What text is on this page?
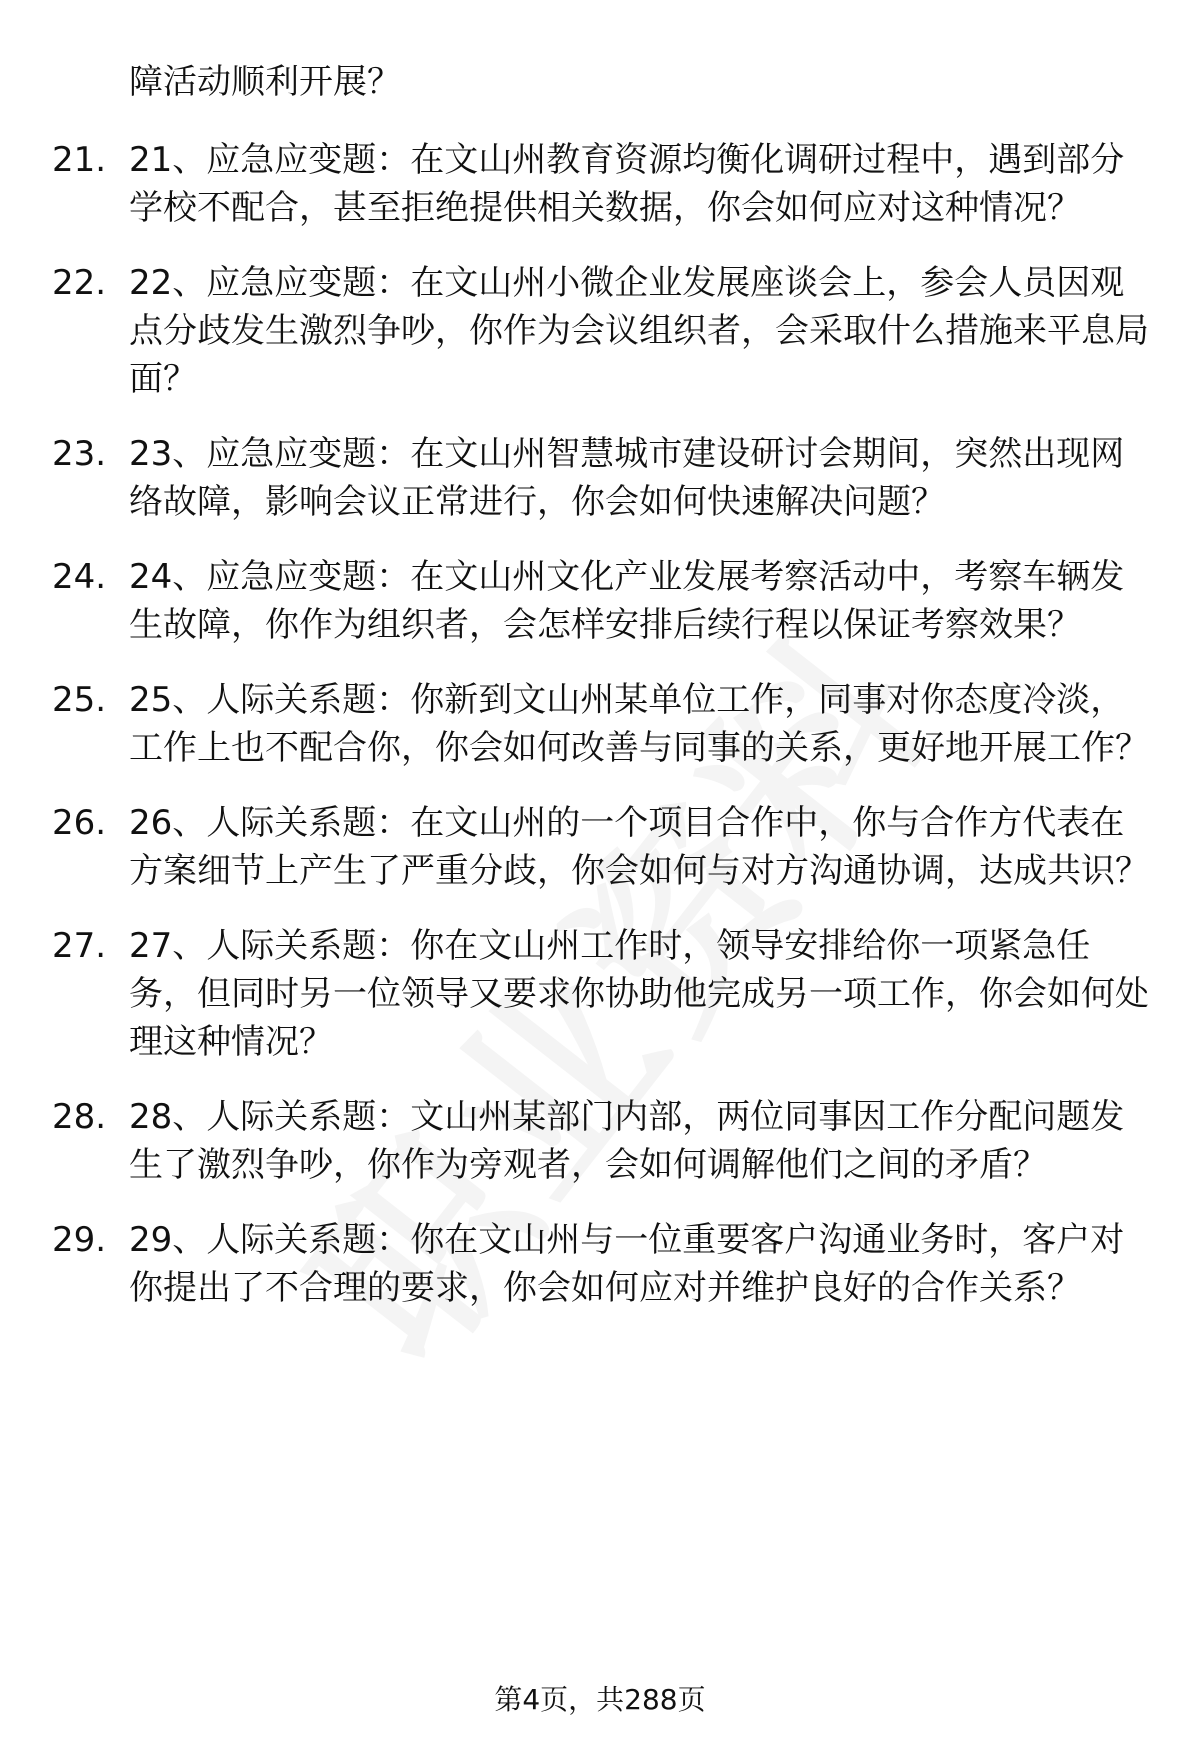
障活动顺利开展？
21. 21、应急应变题：在文山州教育资源均衡化调研过程中，遇到部分学校不配合，甚至拒绝提供相关数据，你会如何应对这种情况？
22. 22、应急应变题：在文山州小微企业发展座谈会上，参会人员因观点分歧发生激烈争吵，你作为会议组织者，会采取什么措施来平息局面？
23. 23、应急应变题：在文山州智慧城市建设研讨会期间，突然出现网络故障，影响会议正常进行，你会如何快速解决问题？
24. 24、应急应变题：在文山州文化产业发展考察活动中，考察车辆发生故障，你作为组织者，会怎样安排后续行程以保证考察效果？
25. 25、人际关系题：你新到文山州某单位工作，同事对你态度冷淡，工作上也不配合你，你会如何改善与同事的关系，更好地开展工作？
26. 26、人际关系题：在文山州的一个项目合作中，你与合作方代表在方案细节上产生了严重分歧，你会如何与对方沟通协调，达成共识？
27. 27、人际关系题：你在文山州工作时，领导安排给你一项紧急任务，但同时另一位领导又要求你协助他完成另一项工作，你会如何处理这种情况？
28. 28、人际关系题：文山州某部门内部，两位同事因工作分配问题发生了激烈争吵，你作为旁观者，会如何调解他们之间的矛盾？
29. 29、人际关系题：你在文山州与一位重要客户沟通业务时，客户对你提出了不合理的要求，你会如何应对并维护良好的合作关系？
第4页，共288页
